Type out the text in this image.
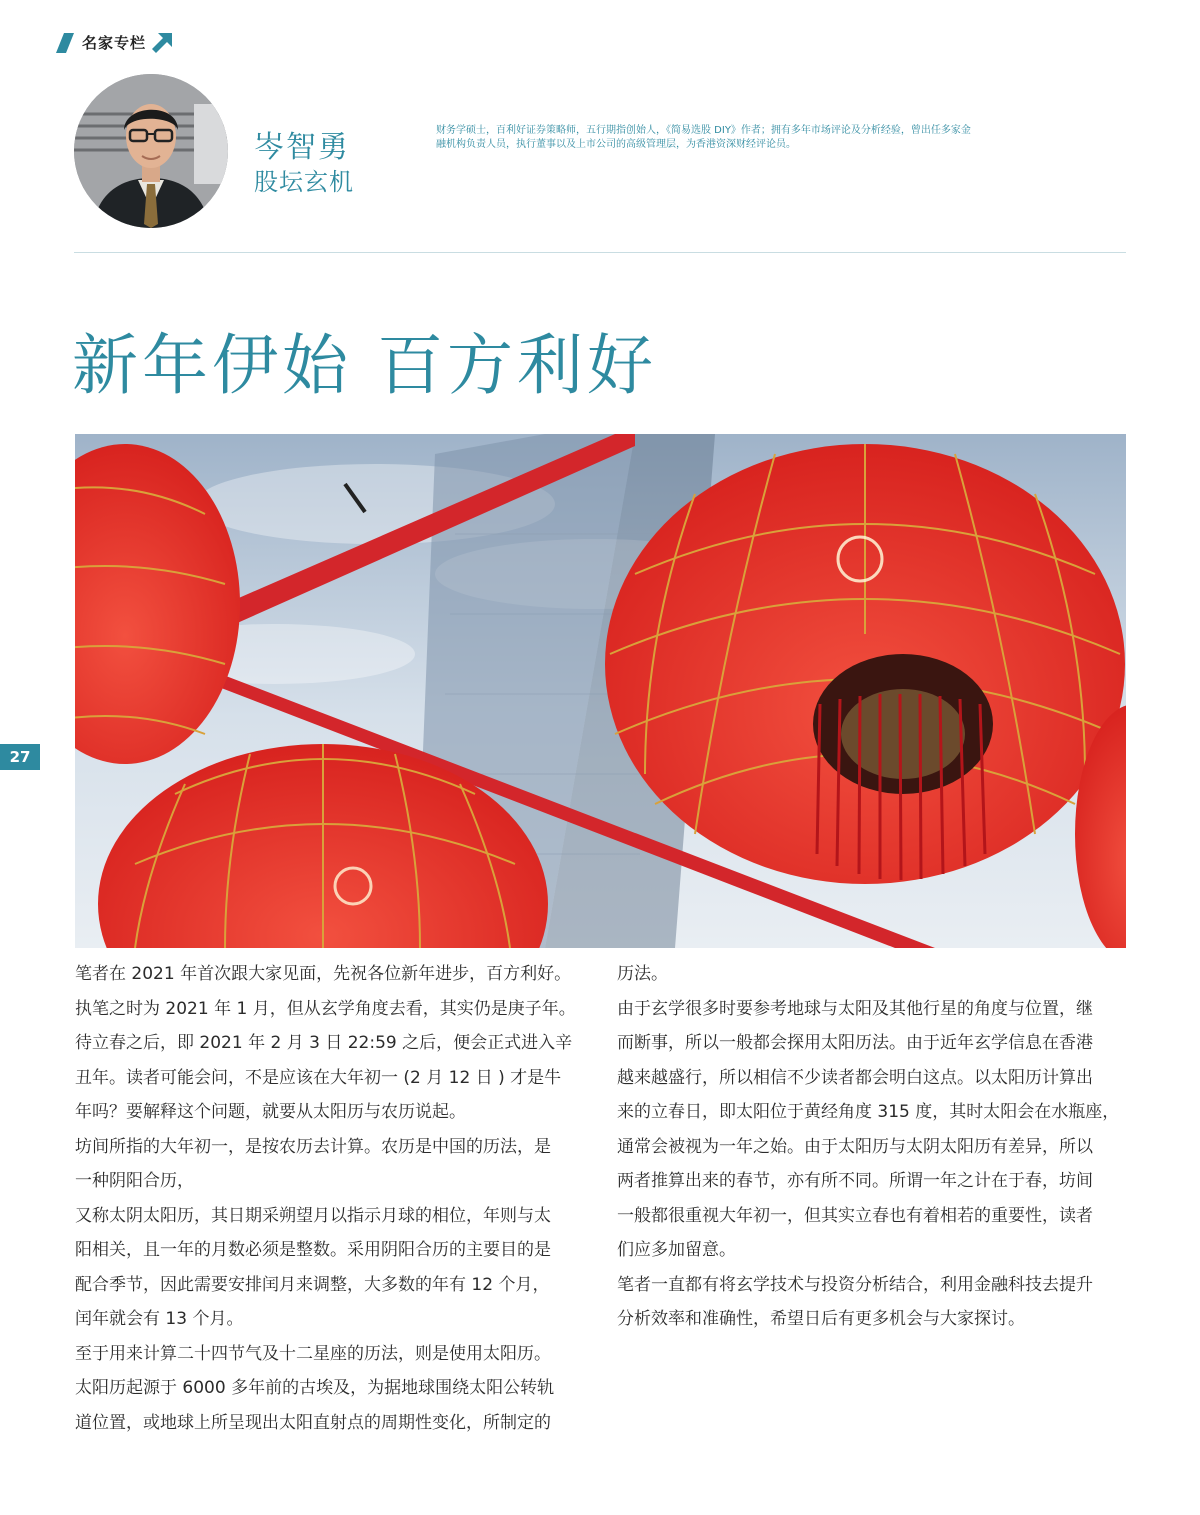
名家专栏
岑智勇
股坛玄机
财务学硕士，百利好证券策略师，五行期指创始人，《简易选股 DIY》作者；拥有多年市场评论及分析经验，曾出任多家金
融机构负责人员，执行董事以及上市公司的高级管理层，为香港资深财经评论员。
新年伊始 百方利好
27

笔者在 2021 年首次跟大家见面，先祝各位新年进步，百方利好。

执笔之时为 2021 年 1 月，但从玄学角度去看，其实仍是庚子年。

待立春之后，即 2021 年 2 月 3 日 22:59 之后，便会正式进入辛

丑年。读者可能会问，不是应该在大年初一 (2 月 12 日 ) 才是牛

年吗？要解释这个问题，就要从太阳历与农历说起。

坊间所指的大年初一，是按农历去计算。农历是中国的历法，是

一种阴阳合历，

又称太阴太阳历，其日期采朔望月以指示月球的相位，年则与太

阳相关，且一年的月数必须是整数。采用阴阳合历的主要目的是

配合季节，因此需要安排闰月来调整，大多数的年有 12 个月，

闰年就会有 13 个月。

至于用来计算二十四节气及十二星座的历法，则是使用太阳历。

太阳历起源于 6000 多年前的古埃及，为据地球围绕太阳公转轨

道位置，或地球上所呈现出太阳直射点的周期性变化，所制定的

历法。

由于玄学很多时要参考地球与太阳及其他行星的角度与位置，继

而断事，所以一般都会探用太阳历法。由于近年玄学信息在香港

越来越盛行，所以相信不少读者都会明白这点。以太阳历计算出

来的立春日，即太阳位于黄经角度 315 度，其时太阳会在水瓶座，

通常会被视为一年之始。由于太阳历与太阴太阳历有差异，所以

两者推算出来的春节，亦有所不同。所谓一年之计在于春，坊间

一般都很重视大年初一，但其实立春也有着相若的重要性，读者

们应多加留意。

笔者一直都有将玄学技术与投资分析结合，利用金融科技去提升

分析效率和准确性，希望日后有更多机会与大家探讨。
